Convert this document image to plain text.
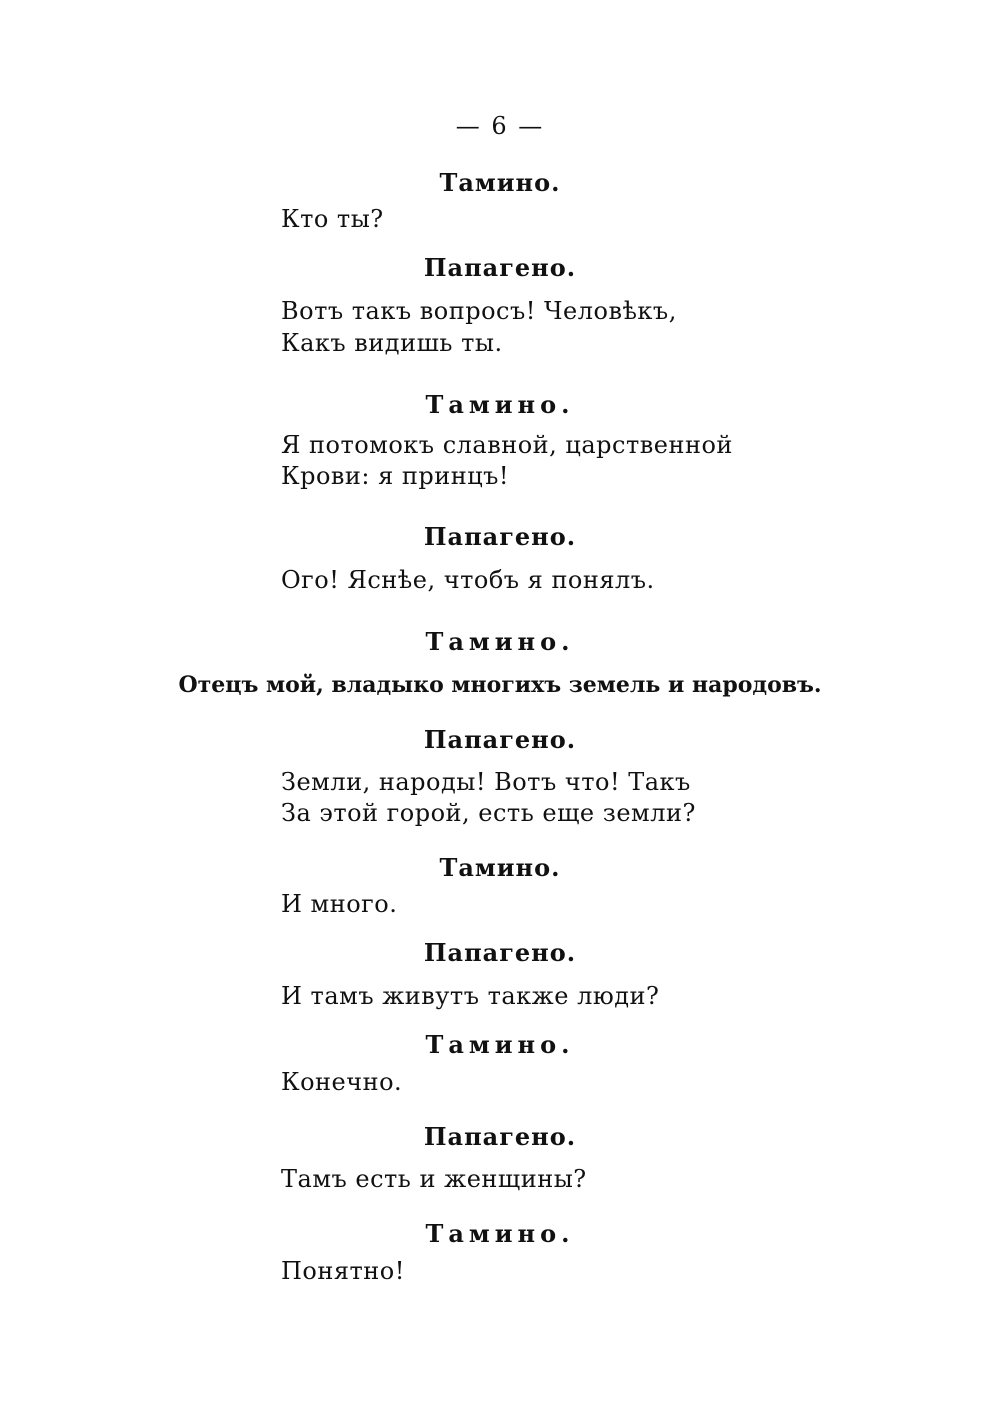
— 6 —
Тамино.
Кто ты?
Папагено.
Вотъ такъ вопросъ! Человѣкъ,
Какъ видишь ты.
Тамино.
Я потомокъ славной, царственной
Крови: я принцъ!
Папагено.
Ого! Яснѣе, чтобъ я понялъ.
Тамино.
Отецъ мой, владыко многихъ земель и народовъ.
Папагено.
Земли, народы! Вотъ что! Такъ
За этой горой, есть еще земли?
Тамино.
И много.
Папагено.
И тамъ живутъ также люди?
Тамино.
Конечно.
Папагено.
Тамъ есть и женщины?
Тамино.
Понятно!
